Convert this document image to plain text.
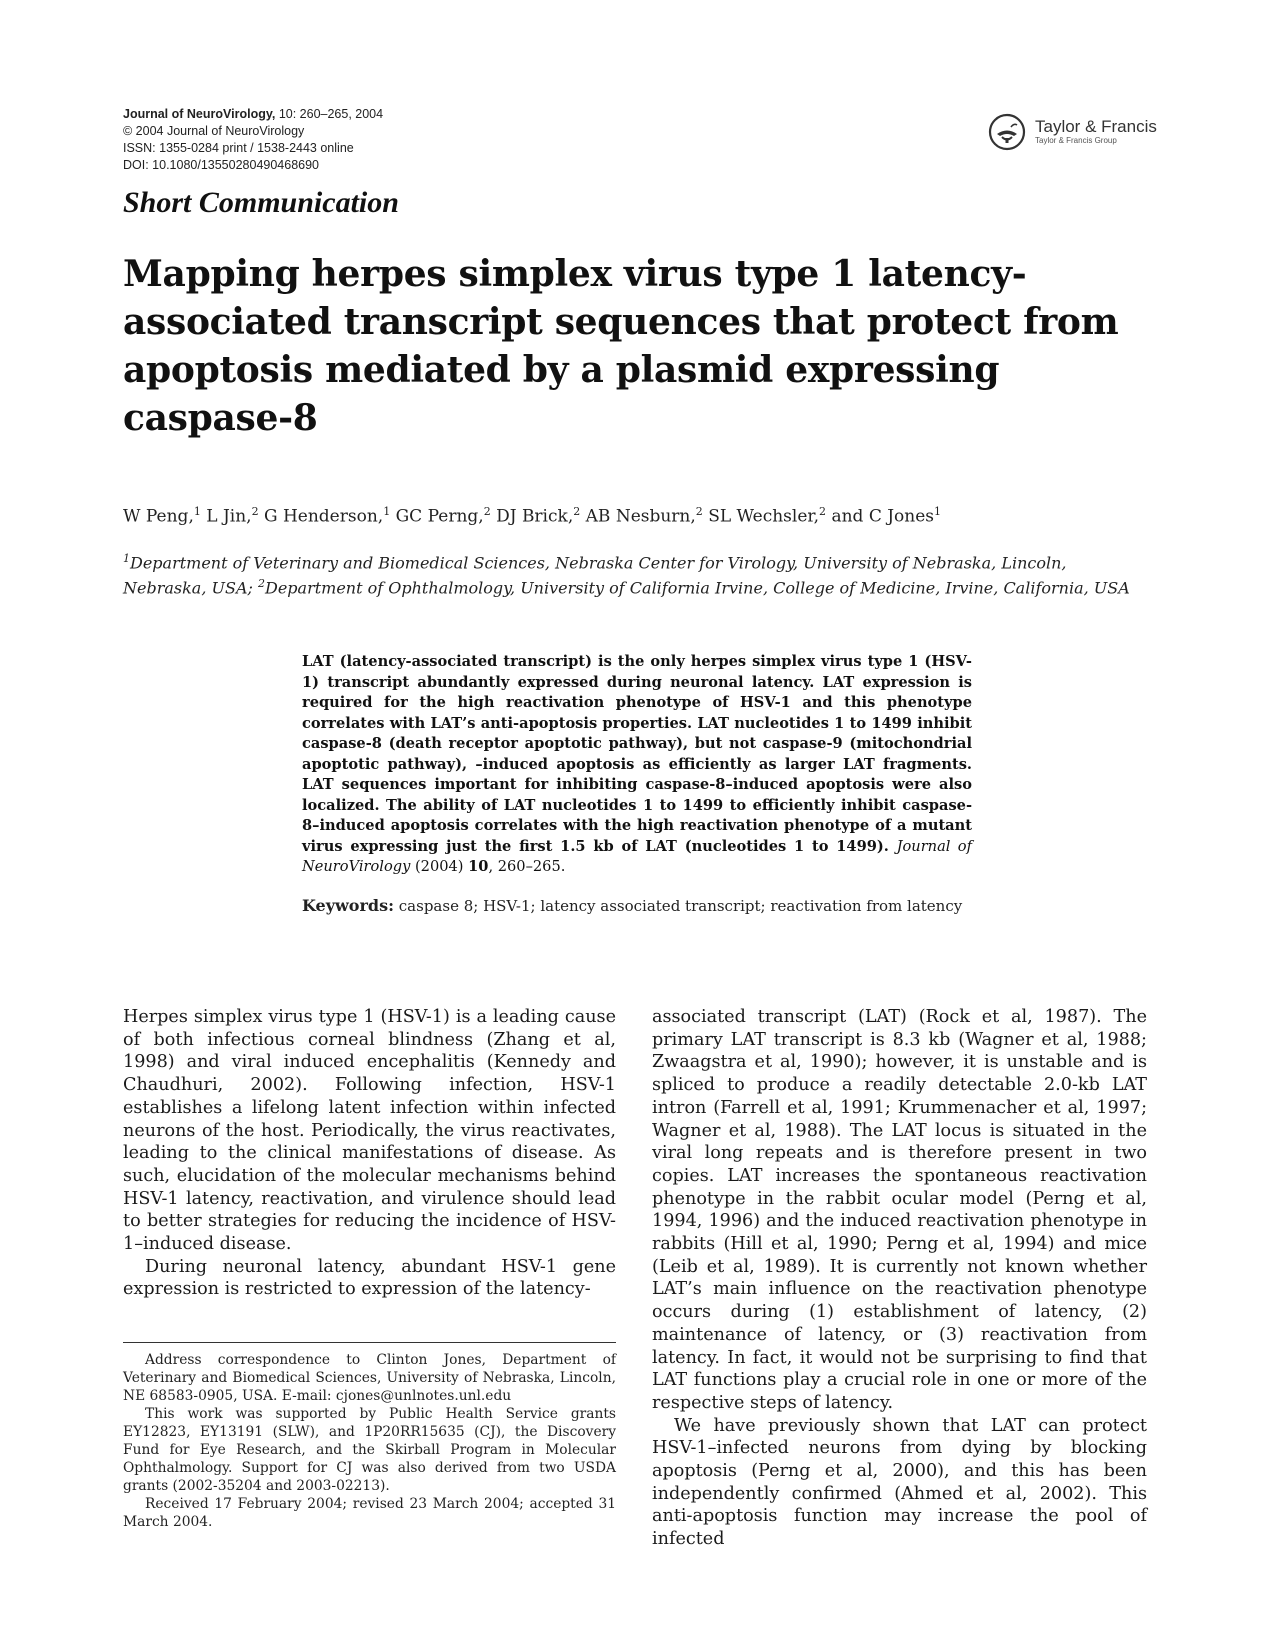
Journal of NeuroVirology, 10: 260–265, 2004
© 2004 Journal of NeuroVirology
ISSN: 1355-0284 print / 1538-2443 online
DOI: 10.1080/13550280490468690
Taylor & Francis
Taylor & Francis Group
Short Communication
Mapping herpes simplex virus type 1 latency-associated transcript sequences that protect from apoptosis mediated by a plasmid expressing caspase-8
W Peng,$^1$ L Jin,$^2$ G Henderson,$^1$ GC Perng,$^2$ DJ Brick,$^2$ AB Nesburn,$^2$ SL Wechsler,$^2$ and C Jones$^1$
$^1$Department of Veterinary and Biomedical Sciences, Nebraska Center for Virology, University of Nebraska, Lincoln, Nebraska, USA; $^2$Department of Ophthalmology, University of California Irvine, College of Medicine, Irvine, California, USA

LAT (latency-associated transcript) is the only herpes simplex virus type 1 (HSV-1) transcript abundantly expressed during neuronal latency. LAT expression is required for the high reactivation phenotype of HSV-1 and this phenotype correlates with LAT’s anti-apoptosis properties. LAT nucleotides 1 to 1499 inhibit caspase-8 (death receptor apoptotic pathway), but not caspase-9 (mitochondrial apoptotic pathway), –induced apoptosis as efficiently as larger LAT fragments. LAT sequences important for inhibiting caspase-8–induced apoptosis were also localized. The ability of LAT nucleotides 1 to 1499 to efficiently inhibit caspase-8–induced apoptosis correlates with the high reactivation phenotype of a mutant virus expressing just the first 1.5 kb of LAT (nucleotides 1 to 1499). Journal of NeuroVirology (2004) 10, 260–265.

Keywords: caspase 8; HSV-1; latency associated transcript; reactivation from latency

Herpes simplex virus type 1 (HSV-1) is a leading cause of both infectious corneal blindness (Zhang et al, 1998) and viral induced encephalitis (Kennedy and Chaudhuri, 2002). Following infection, HSV-1 establishes a lifelong latent infection within infected neurons of the host. Periodically, the virus reactivates, leading to the clinical manifestations of disease. As such, elucidation of the molecular mechanisms behind HSV-1 latency, reactivation, and virulence should lead to better strategies for reducing the incidence of HSV-1–induced disease.

During neuronal latency, abundant HSV-1 gene expression is restricted to expression of the latency-

associated transcript (LAT) (Rock et al, 1987). The primary LAT transcript is 8.3 kb (Wagner et al, 1988; Zwaagstra et al, 1990); however, it is unstable and is spliced to produce a readily detectable 2.0-kb LAT intron (Farrell et al, 1991; Krummenacher et al, 1997; Wagner et al, 1988). The LAT locus is situated in the viral long repeats and is therefore present in two copies. LAT increases the spontaneous reactivation phenotype in the rabbit ocular model (Perng et al, 1994, 1996) and the induced reactivation phenotype in rabbits (Hill et al, 1990; Perng et al, 1994) and mice (Leib et al, 1989). It is currently not known whether LAT’s main influence on the reactivation phenotype occurs during (1) establishment of latency, (2) maintenance of latency, or (3) reactivation from latency. In fact, it would not be surprising to find that LAT functions play a crucial role in one or more of the respective steps of latency.

We have previously shown that LAT can protect HSV-1–infected neurons from dying by blocking apoptosis (Perng et al, 2000), and this has been independently confirmed (Ahmed et al, 2002). This anti-apoptosis function may increase the pool of infected

Address correspondence to Clinton Jones, Department of Veterinary and Biomedical Sciences, University of Nebraska, Lincoln, NE 68583-0905, USA. E-mail: cjones@unlnotes.unl.edu

This work was supported by Public Health Service grants EY12823, EY13191 (SLW), and 1P20RR15635 (CJ), the Discovery Fund for Eye Research, and the Skirball Program in Molecular Ophthalmology. Support for CJ was also derived from two USDA grants (2002-35204 and 2003-02213).

Received 17 February 2004; revised 23 March 2004; accepted 31 March 2004.
